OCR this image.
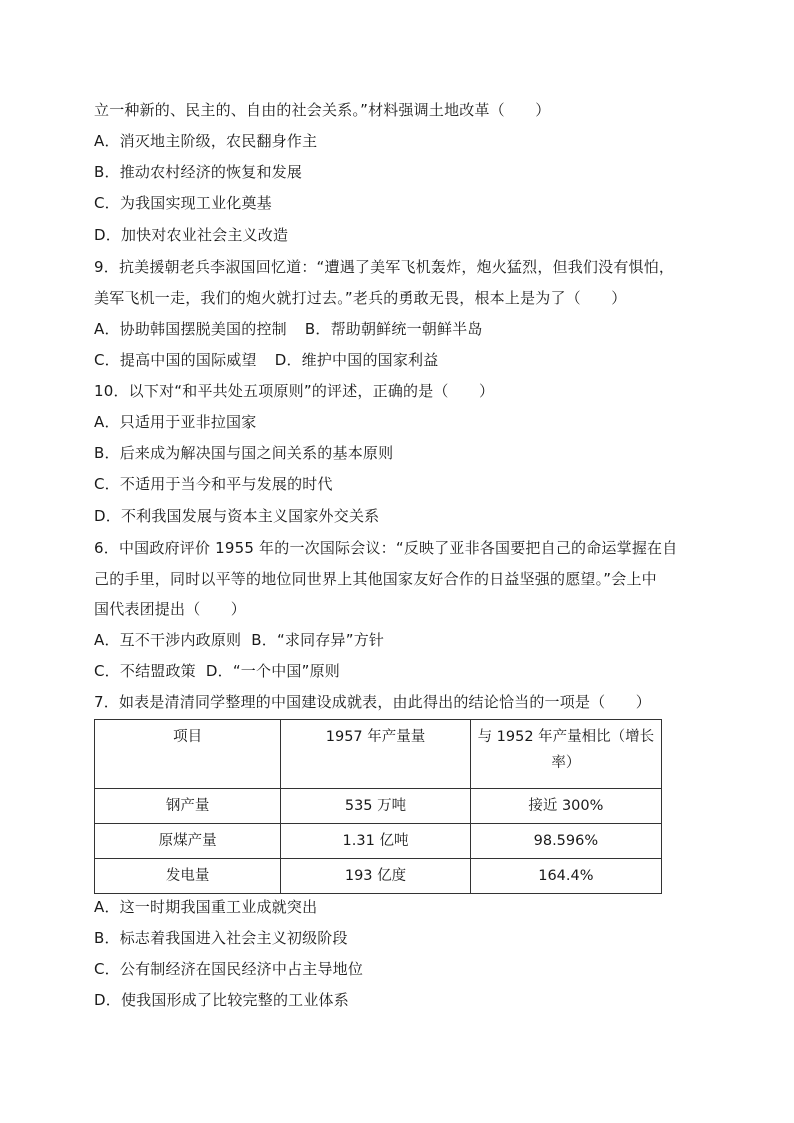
立一种新的、民主的、自由的社会关系。”材料强调土地改革（　　）
A．消灭地主阶级，农民翻身作主
B．推动农村经济的恢复和发展
C．为我国实现工业化奠基
D．加快对农业社会主义改造
9．抗美援朝老兵李淑国回忆道：“遭遇了美军飞机轰炸，炮火猛烈，但我们没有惧怕，
美军飞机一走，我们的炮火就打过去。”老兵的勇敢无畏，根本上是为了（　　）
A．协助韩国摆脱美国的控制 B．帮助朝鲜统一朝鲜半岛
C．提高中国的国际威望 D．维护中国的国家利益
10．以下对“和平共处五项原则”的评述，正确的是（　　）
A．只适用于亚非拉国家
B．后来成为解决国与国之间关系的基本原则
C．不适用于当今和平与发展的时代
D．不利我国发展与资本主义国家外交关系
6．中国政府评价 1955 年的一次国际会议：“反映了亚非各国要把自己的命运掌握在自
己的手里，同时以平等的地位同世界上其他国家友好合作的日益坚强的愿望。”会上中
国代表团提出（　　）
A．互不干涉内政原则 B．“求同存异”方针
C．不结盟政策 D．“一个中国”原则
7．如表是清清同学整理的中国建设成就表，由此得出的结论恰当的一项是（　　）
项目	1957 年产量量	与 1952 年产量相比（增长率）
钢产量	535 万吨	接近 300%
原煤产量	1.31 亿吨	98.596%
发电量	193 亿度	164.4%
A．这一时期我国重工业成就突出
B．标志着我国进入社会主义初级阶段
C．公有制经济在国民经济中占主导地位
D．使我国形成了比较完整的工业体系
